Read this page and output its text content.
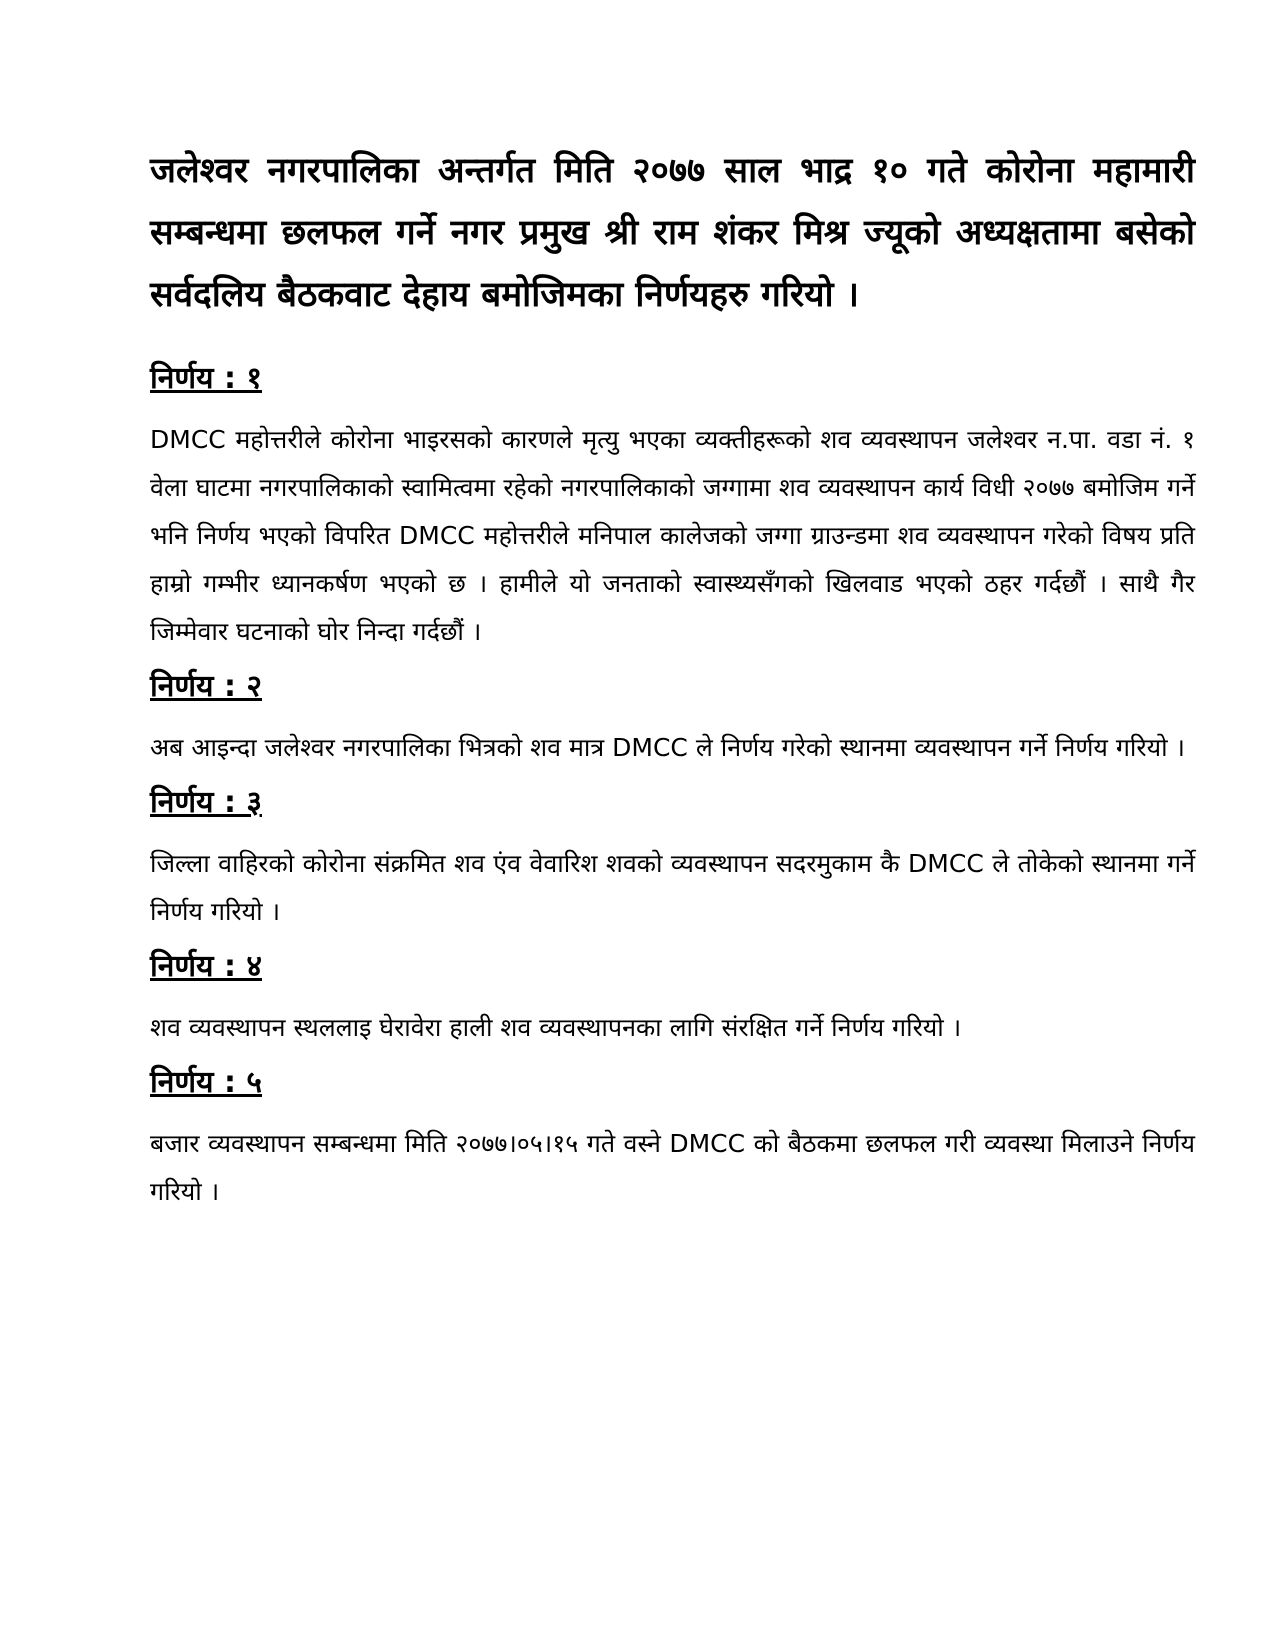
जलेश्वर नगरपालिका अन्तर्गत मिति २०७७ साल भाद्र १० गते कोरोना महामारी सम्बन्धमा छलफल गर्ने नगर प्रमुख श्री राम शंकर मिश्र ज्यूको अध्यक्षतामा बसेको सर्वदलिय बैठकवाट देहाय बमोजिमका निर्णयहरु गरियो ।

निर्णय : १

DMCC महोत्तरीले कोरोना भाइरसको कारणले मृत्यु भएका व्यक्तीहरूको शव व्यवस्थापन जलेश्वर न.पा. वडा नं. १ वेला घाटमा नगरपालिकाको स्वामित्वमा रहेको नगरपालिकाको जग्गामा शव व्यवस्थापन कार्य विधी २०७७ बमोजिम गर्ने भनि निर्णय भएको विपरित DMCC महोत्तरीले मनिपाल कालेजको जग्गा ग्राउन्डमा शव व्यवस्थापन गरेको विषय प्रति हाम्रो गम्भीर ध्यानकर्षण भएको छ । हामीले यो जनताको स्वास्थ्यसँगको खिलवाड भएको ठहर गर्दछौं । साथै गैर जिम्मेवार घटनाको घोर निन्दा गर्दछौं ।

निर्णय : २

अब आइन्दा जलेश्वर नगरपालिका भित्रको शव मात्र DMCC ले निर्णय गरेको स्थानमा व्यवस्थापन गर्ने निर्णय गरियो ।

निर्णय : ३

जिल्ला वाहिरको कोरोना संक्रमित शव एंव वेवारिश शवको व्यवस्थापन सदरमुकाम कै DMCC ले तोकेको स्थानमा गर्ने निर्णय गरियो ।

निर्णय : ४

शव व्यवस्थापन स्थललाइ घेरावेरा हाली शव व्यवस्थापनका लागि संरक्षित गर्ने निर्णय गरियो ।

निर्णय : ५

बजार व्यवस्थापन सम्बन्धमा मिति २०७७।०५।१५ गते वस्ने DMCC को बैठकमा छलफल गरी व्यवस्था मिलाउने निर्णय गरियो ।
